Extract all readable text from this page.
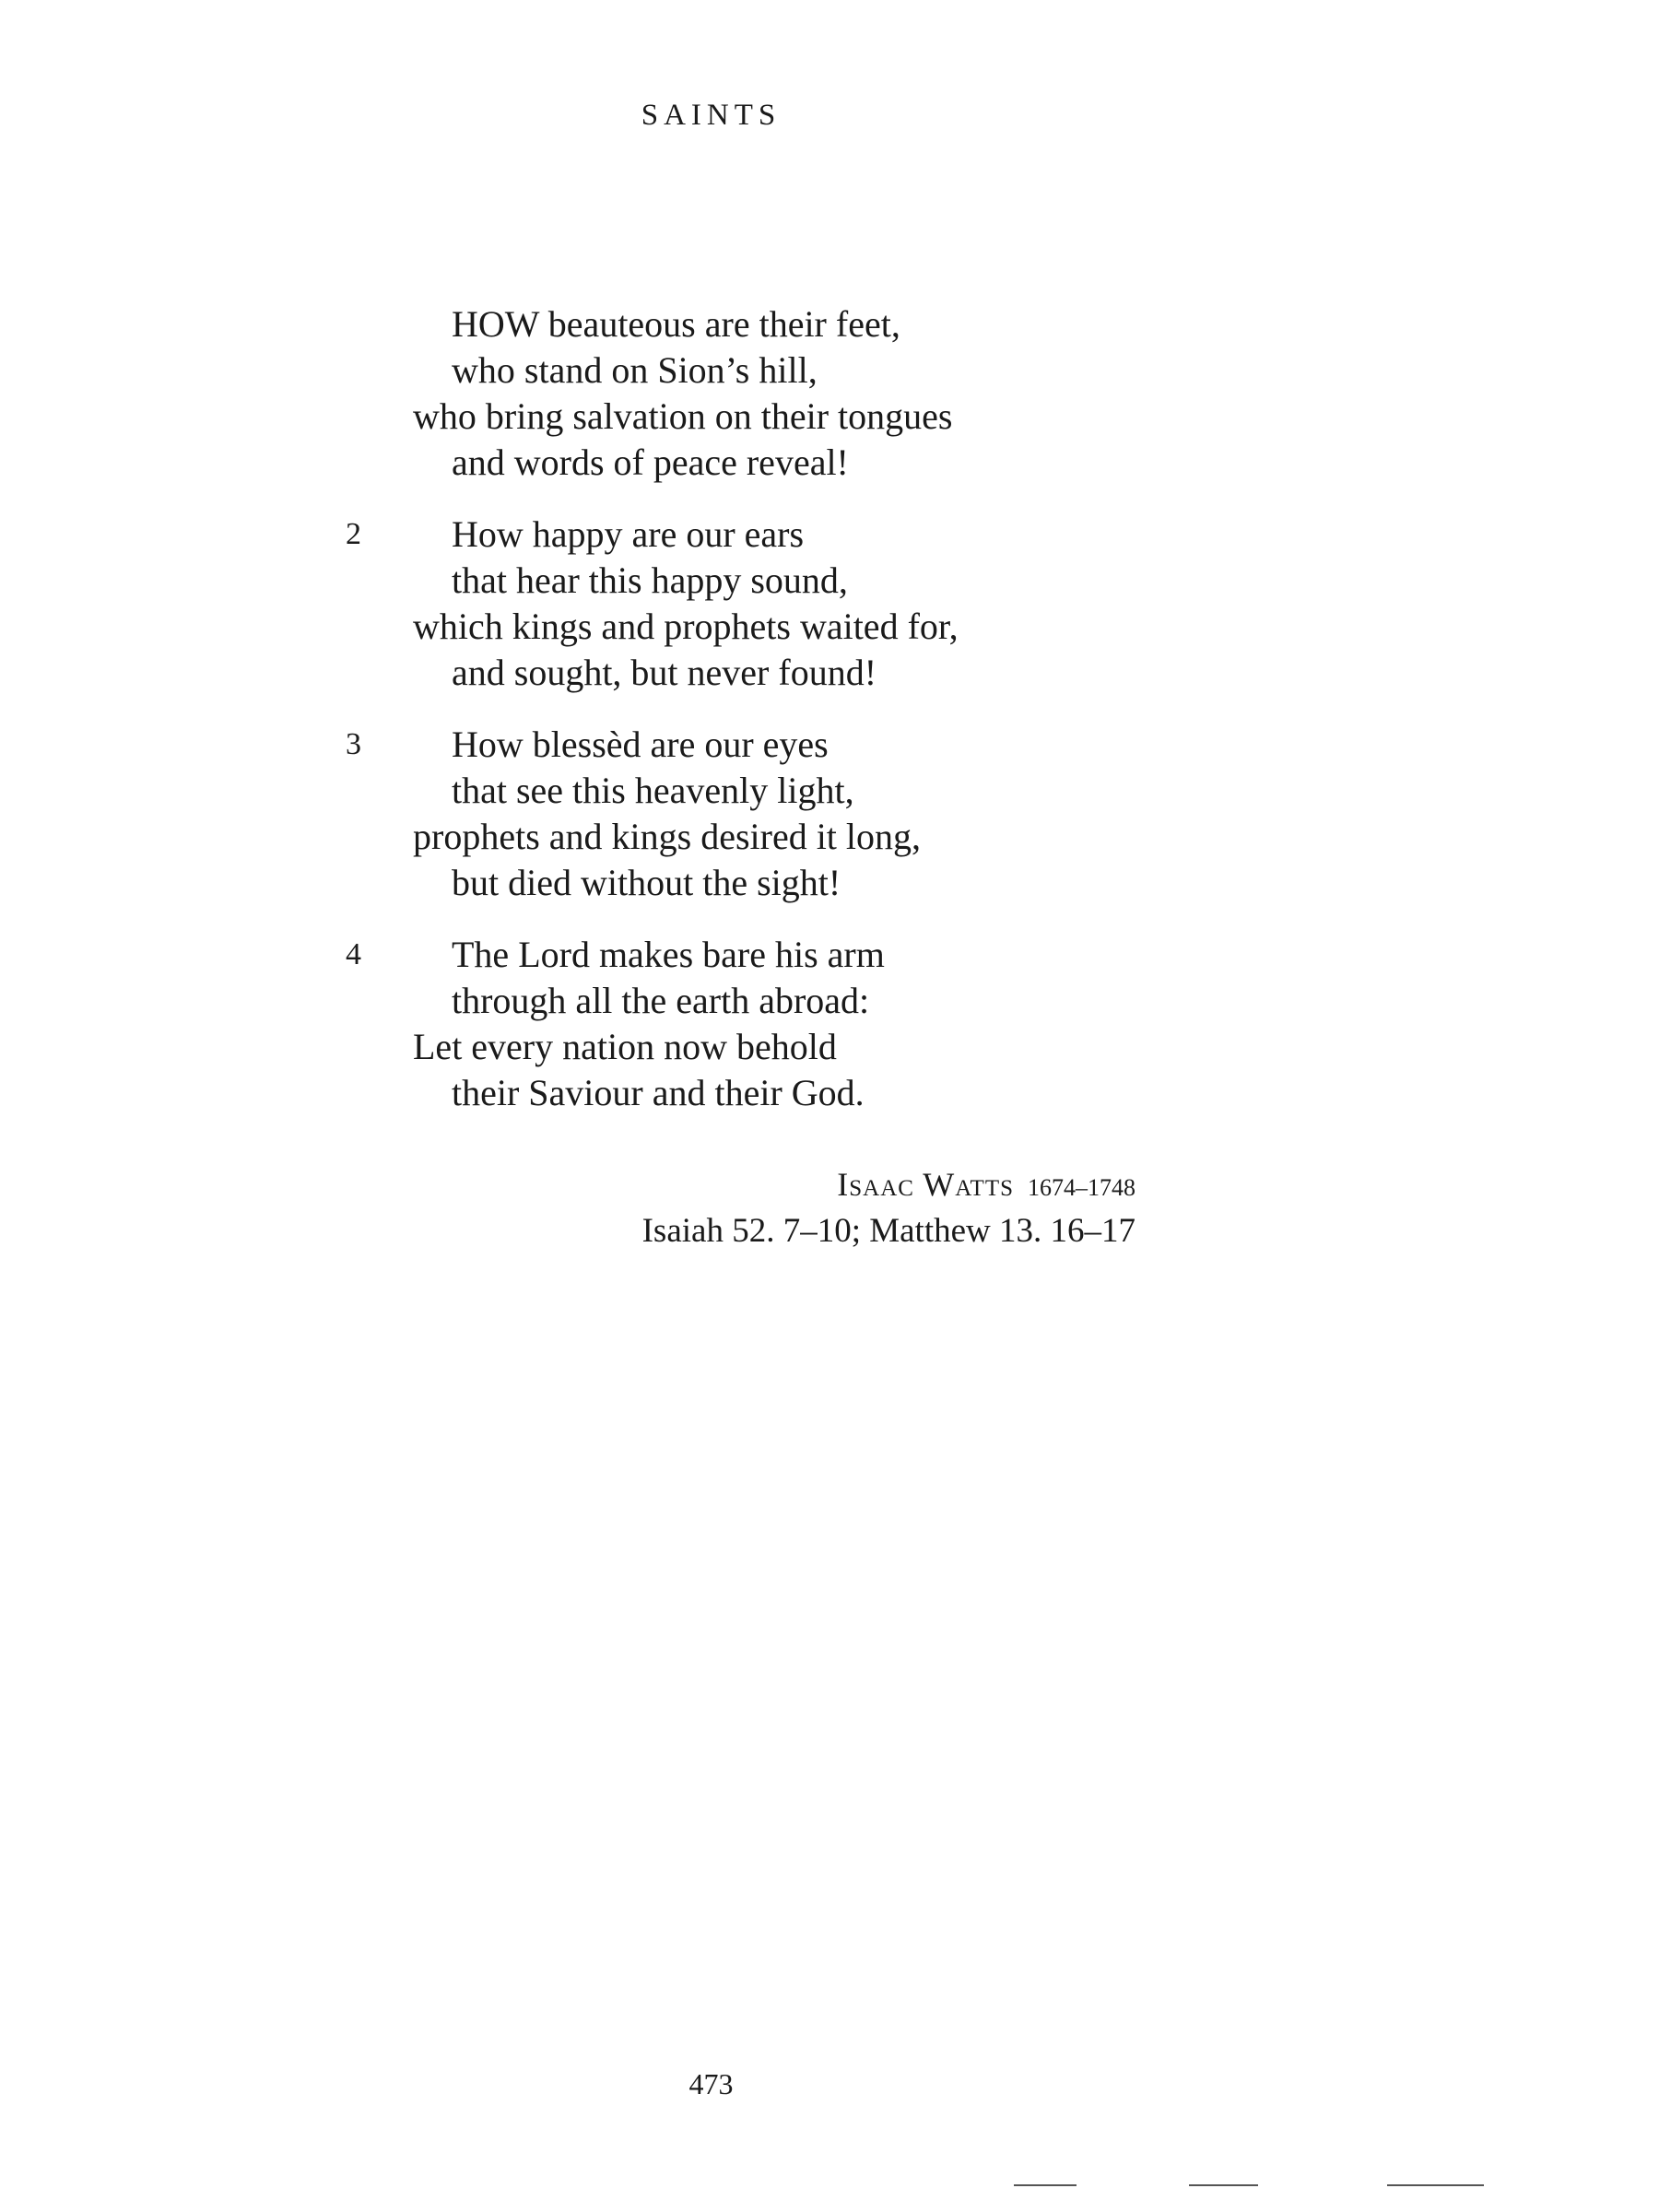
SAINTS
HOW beauteous are their feet,
who stand on Sion’s hill,
who bring salvation on their tongues
and words of peace reveal!
2	How happy are our ears
that hear this happy sound,
which kings and prophets waited for,
and sought, but never found!
3	How blessèd are our eyes
that see this heavenly light,
prophets and kings desired it long,
but died without the sight!
4	The Lord makes bare his arm
through all the earth abroad:
Let every nation now behold
their Saviour and their God.
Isaac Watts 1674–1748
Isaiah 52. 7–10; Matthew 13. 16–17
473
